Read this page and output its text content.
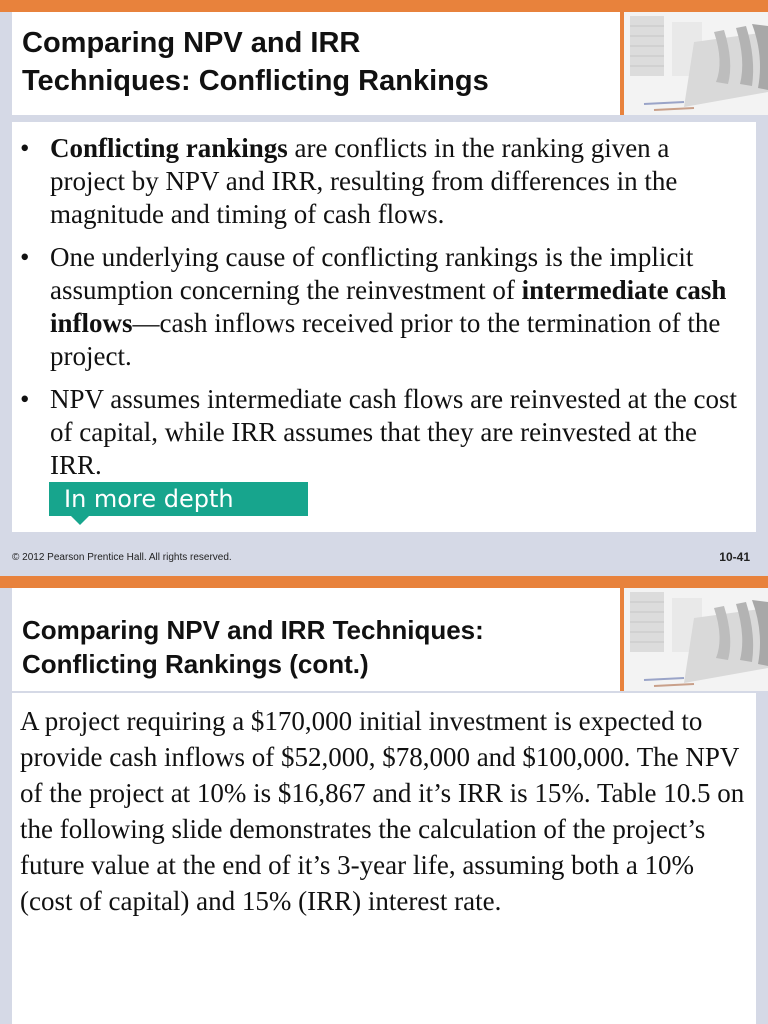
Comparing NPV and IRR
Techniques: Conflicting Rankings
• Conflicting rankings are conflicts in the ranking given a project by NPV and IRR, resulting from differences in the magnitude and timing of cash flows.
• One underlying cause of conflicting rankings is the implicit assumption concerning the reinvestment of intermediate cash inflows—cash inflows received prior to the termination of the project.
• NPV assumes intermediate cash flows are reinvested at the cost of capital, while IRR assumes that they are reinvested at the IRR.
In more depth
© 2012 Pearson Prentice Hall. All rights reserved.	10-41
Comparing NPV and IRR Techniques:
Conflicting Rankings (cont.)

A project requiring a $170,000 initial investment is expected to provide cash inflows of $52,000, $78,000 and $100,000. The NPV of the project at 10% is $16,867 and it’s IRR is 15%. Table 10.5 on the following slide demonstrates the calculation of the project’s future value at the end of it’s 3-year life, assuming both a 10% (cost of capital) and 15% (IRR) interest rate.
